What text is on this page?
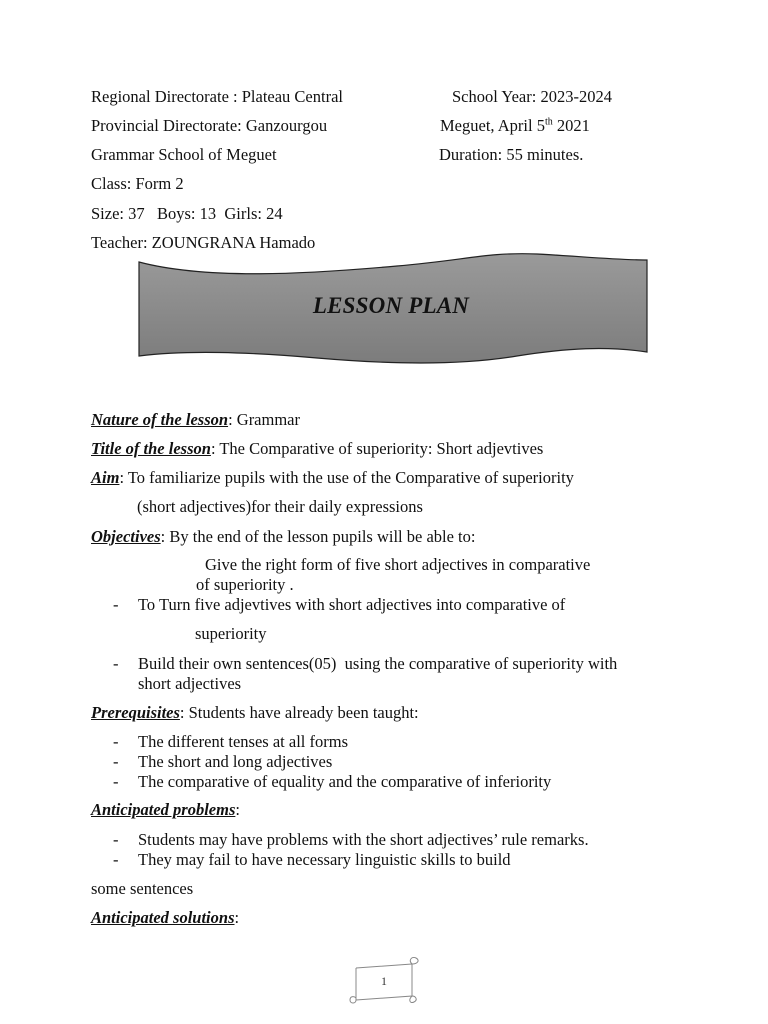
Regional Directorate : Plateau Central	School Year: 2023-2024
Provincial Directorate: Ganzourgou	Meguet, April 5th 2021
Grammar School of Meguet	Duration: 55 minutes.
Class: Form 2
Size: 37   Boys: 13  Girls: 24
Teacher: ZOUNGRANA Hamado
LESSON PLAN
Nature of the lesson: Grammar
Title of the lesson: The Comparative of superiority: Short adjevtives
Aim: To familiarize pupils with the use of the Comparative of superiority
(short adjectives)for their daily expressions
Objectives: By the end of the lesson pupils will be able to:
Give the right form of five short adjectives in comparative
of superiority .
- To Turn five adjevtives with short adjectives into comparative of
superiority
- Build their own sentences(05)  using the comparative of superiority with
short adjectives
Prerequisites: Students have already been taught:
- The different tenses at all forms
- The short and long adjectives
- The comparative of equality and the comparative of inferiority
Anticipated problems:
- Students may have problems with the short adjectives’ rule remarks.
- They may fail to have necessary linguistic skills to build
some sentences
Anticipated solutions:
1
